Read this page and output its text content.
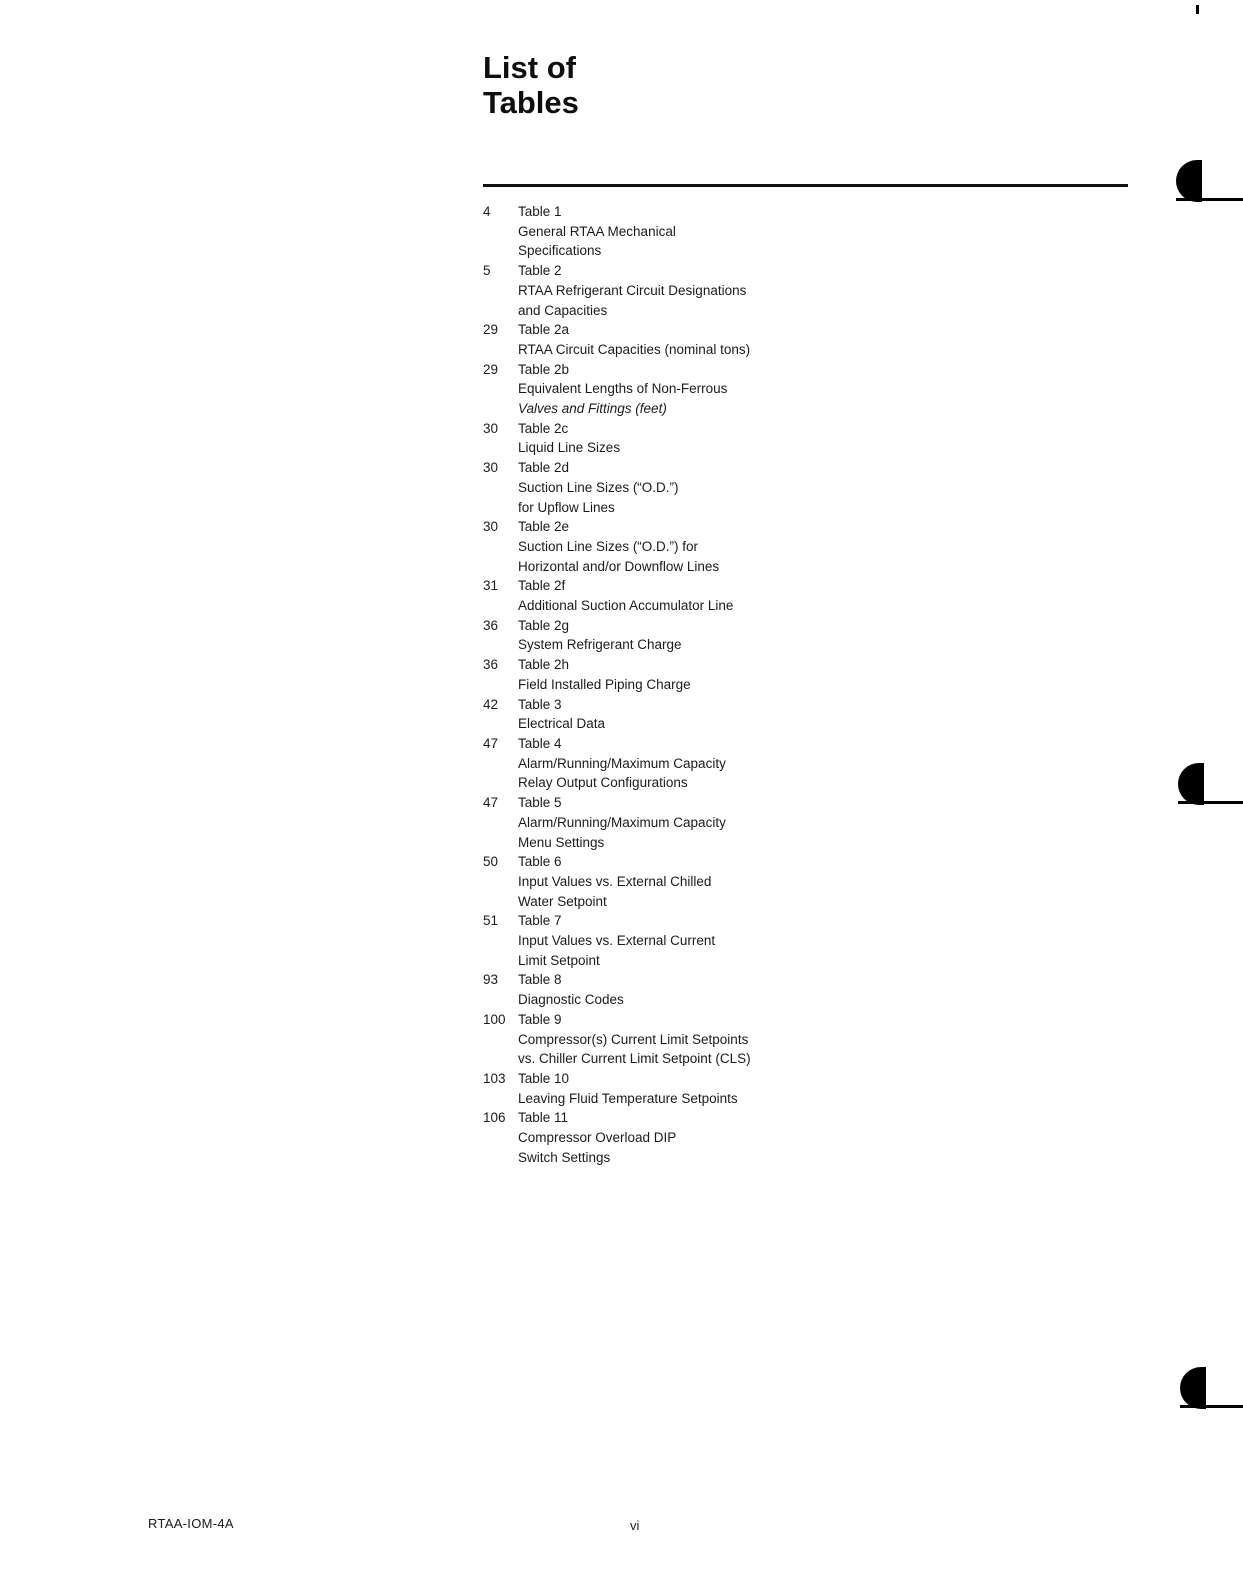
List of
Tables
4	Table 1
General RTAA Mechanical
Specifications
5	Table 2
RTAA Refrigerant Circuit Designations
and Capacities
29	Table 2a
RTAA Circuit Capacities (nominal tons)
29	Table 2b
Equivalent Lengths of Non-Ferrous
Valves and Fittings (feet)
30	Table 2c
Liquid Line Sizes
30	Table 2d
Suction Line Sizes (“O.D.”)
for Upflow Lines
30	Table 2e
Suction Line Sizes (“O.D.”) for
Horizontal and/or Downflow Lines
31	Table 2f
Additional Suction Accumulator Line
36	Table 2g
System Refrigerant Charge
36	Table 2h
Field Installed Piping Charge
42	Table 3
Electrical Data
47	Table 4
Alarm/Running/Maximum Capacity
Relay Output Configurations
47	Table 5
Alarm/Running/Maximum Capacity
Menu Settings
50	Table 6
Input Values vs. External Chilled
Water Setpoint
51	Table 7
Input Values vs. External Current
Limit Setpoint
93	Table 8
Diagnostic Codes
100 Table 9
Compressor(s) Current Limit Setpoints
vs. Chiller Current Limit Setpoint (CLS)
103 Table 10
Leaving Fluid Temperature Setpoints
106 Table 11
Compressor Overload DIP
Switch Settings
RTAA-IOM-4A	vi
